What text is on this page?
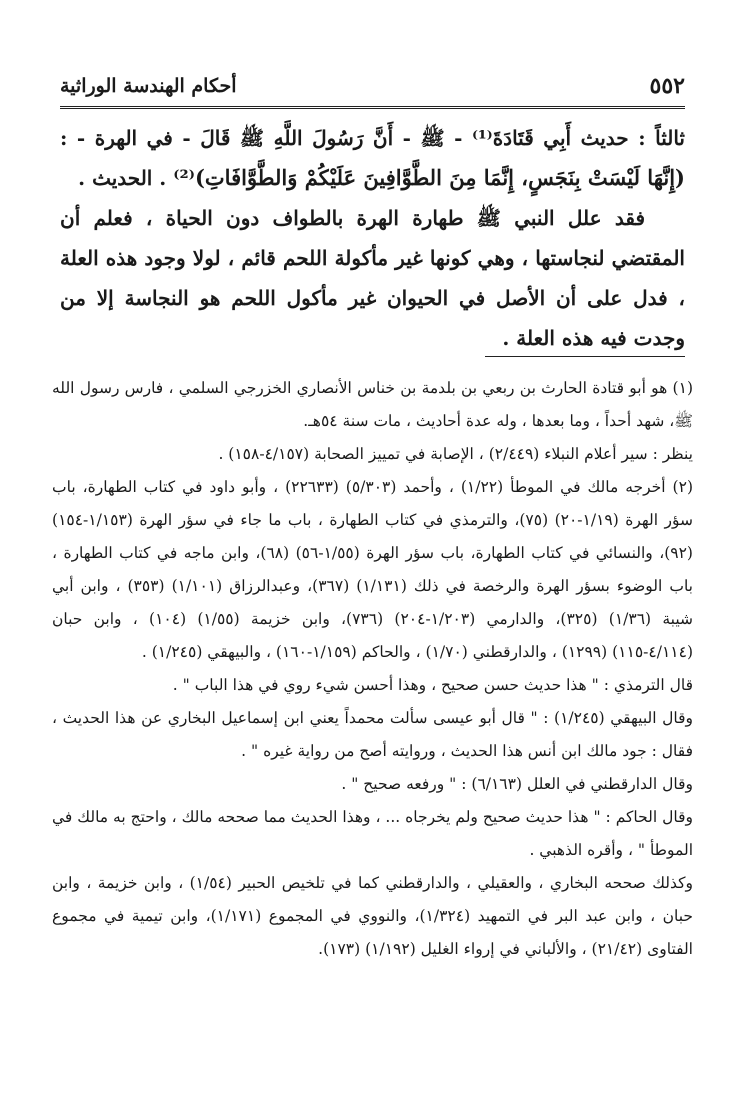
٥٥٢
أحكام الهندسة الوراثية

ثالثاً : حديث أَبِي قَتَادَةَ⁽¹⁾ - ﷺ - أَنَّ رَسُولَ اللَّهِ ﷺ قَالَ - في الهرة - : (إِنَّهَا لَيْسَتْ بِنَجَسٍ، إِنَّمَا مِنَ الطَّوَّافِينَ عَلَيْكُمْ وَالطَّوَّافَاتِ)⁽²⁾ . الحديث .

فقد علل النبي ﷺ طهارة الهرة بالطواف دون الحياة ، فعلم أن المقتضي لنجاستها ، وهي كونها غير مأكولة اللحم قائم ، لولا وجود هذه العلة ، فدل على أن الأصل في الحيوان غير مأكول اللحم هو النجاسة إلا من وجدت فيه هذه العلة .

(١) هو أبو قتادة الحارث بن ربعي بن بلدمة بن خناس الأنصاري الخزرجي السلمي ، فارس رسول الله ﷺ، شهد أحداً ، وما بعدها ، وله عدة أحاديث ، مات سنة ٥٤هـ.

ينظر : سير أعلام النبلاء (٢/٤٤٩) ، الإصابة في تمييز الصحابة (٤/١٥٧-١٥٨) .

(٢) أخرجه مالك في الموطأ (١/٢٢) ، وأحمد (٥/٣٠٣) (٢٢٦٣٣) ، وأبو داود في كتاب الطهارة، باب سؤر الهرة (١/١٩-٢٠) (٧٥)، والترمذي في كتاب الطهارة ، باب ما جاء في سؤر الهرة (١/١٥٣-١٥٤) (٩٢)، والنسائي في كتاب الطهارة، باب سؤر الهرة (١/٥٥-٥٦) (٦٨)، وابن ماجه في كتاب الطهارة ، باب الوضوء بسؤر الهرة والرخصة في ذلك (١/١٣١) (٣٦٧)، وعبدالرزاق (١/١٠١) (٣٥٣) ، وابن أبي شيبة (١/٣٦) (٣٢٥)، والدارمي (١/٢٠٣-٢٠٤) (٧٣٦)، وابن خزيمة (١/٥٥) (١٠٤) ، وابن حبان (٤/١١٤-١١٥) (١٢٩٩) ، والدارقطني (١/٧٠) ، والحاكم (١/١٥٩-١٦٠) ، والبيهقي (١/٢٤٥) .

قال الترمذي : " هذا حديث حسن صحيح ، وهذا أحسن شيء روي في هذا الباب " .

وقال البيهقي (١/٢٤٥) : " قال أبو عيسى سألت محمداً يعني ابن إسماعيل البخاري عن هذا الحديث ، فقال : جود مالك ابن أنس هذا الحديث ، وروايته أصح من رواية غيره " .

وقال الدارقطني في العلل (٦/١٦٣) : " ورفعه صحيح " .

وقال الحاكم : " هذا حديث صحيح ولم يخرجاه ... ، وهذا الحديث مما صححه مالك ، واحتج به مالك في الموطأ " ، وأقره الذهبي .

وكذلك صححه البخاري ، والعقيلي ، والدارقطني كما في تلخيص الحبير (١/٥٤) ، وابن خزيمة ، وابن حبان ، وابن عبد البر في التمهيد (١/٣٢٤)، والنووي في المجموع (١/١٧١)، وابن تيمية في مجموع الفتاوى (٢١/٤٢) ، والألباني في إرواء الغليل (١/١٩٢) (١٧٣).
